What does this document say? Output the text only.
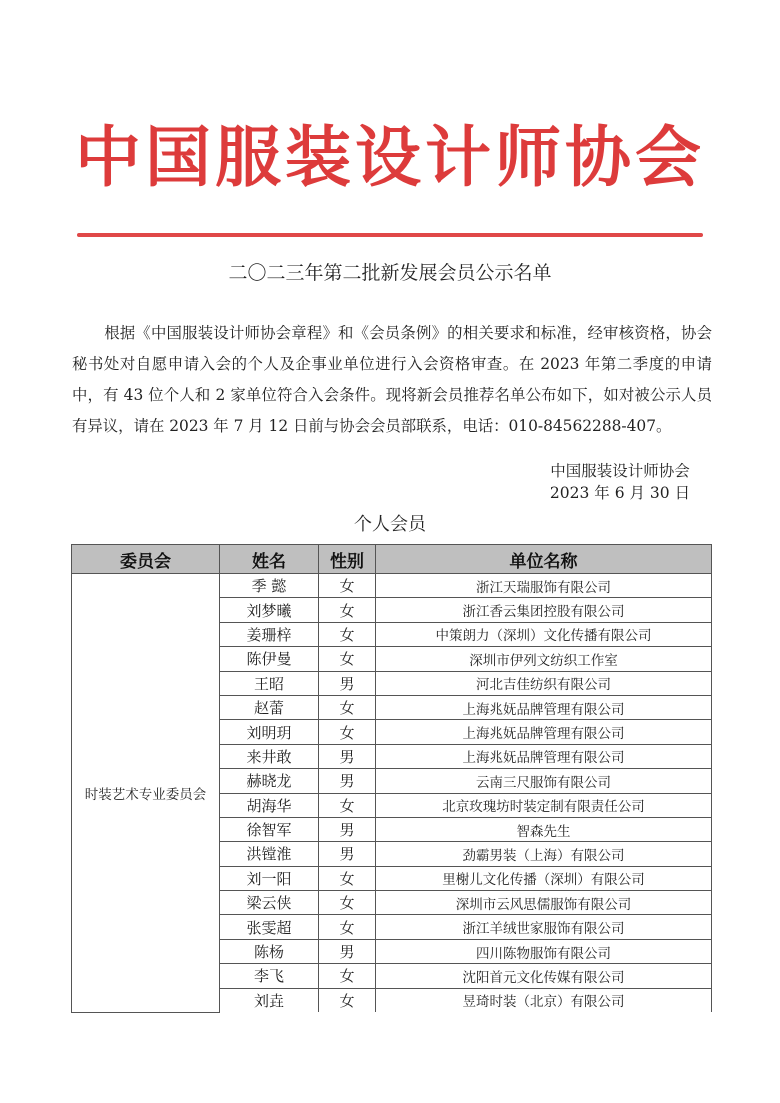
中国服装设计师协会
二〇二三年第二批新发展会员公示名单

根据《中国服装设计师协会章程》和《会员条例》的相关要求和标准，经审核资格，协会秘书处对自愿申请入会的个人及企事业单位进行入会资格审查。在 2023 年第二季度的申请中，有 43 位个人和 2 家单位符合入会条件。现将新会员推荐名单公布如下，如对被公示人员有异议，请在 2023 年 7 月 12 日前与协会会员部联系，电话：010-84562288-407。

中国服装设计师协会
2023 年 6 月 30 日
个人会员
委员会	姓名	性别	单位名称
时装艺术专业委员会	季 懿	女	浙江天瑞服饰有限公司
	刘梦曦	女	浙江香云集团控股有限公司
	姜珊梓	女	中策朗力（深圳）文化传播有限公司
	陈伊曼	女	深圳市伊列文纺织工作室
	王昭	男	河北吉佳纺织有限公司
	赵蕾	女	上海兆妩品牌管理有限公司
	刘明玥	女	上海兆妩品牌管理有限公司
	来井敢	男	上海兆妩品牌管理有限公司
	赫晓龙	男	云南三尺服饰有限公司
	胡海华	女	北京玫瑰坊时装定制有限责任公司
	徐智军	男	智森先生
	洪镗淮	男	劲霸男装（上海）有限公司
	刘一阳	女	里榭儿文化传播（深圳）有限公司
	梁云侠	女	深圳市云风思儒服饰有限公司
	张雯超	女	浙江羊绒世家服饰有限公司
	陈杨	男	四川陈物服饰有限公司
	李飞	女	沈阳首元文化传媒有限公司
	刘垚	女	昱琦时装（北京）有限公司
